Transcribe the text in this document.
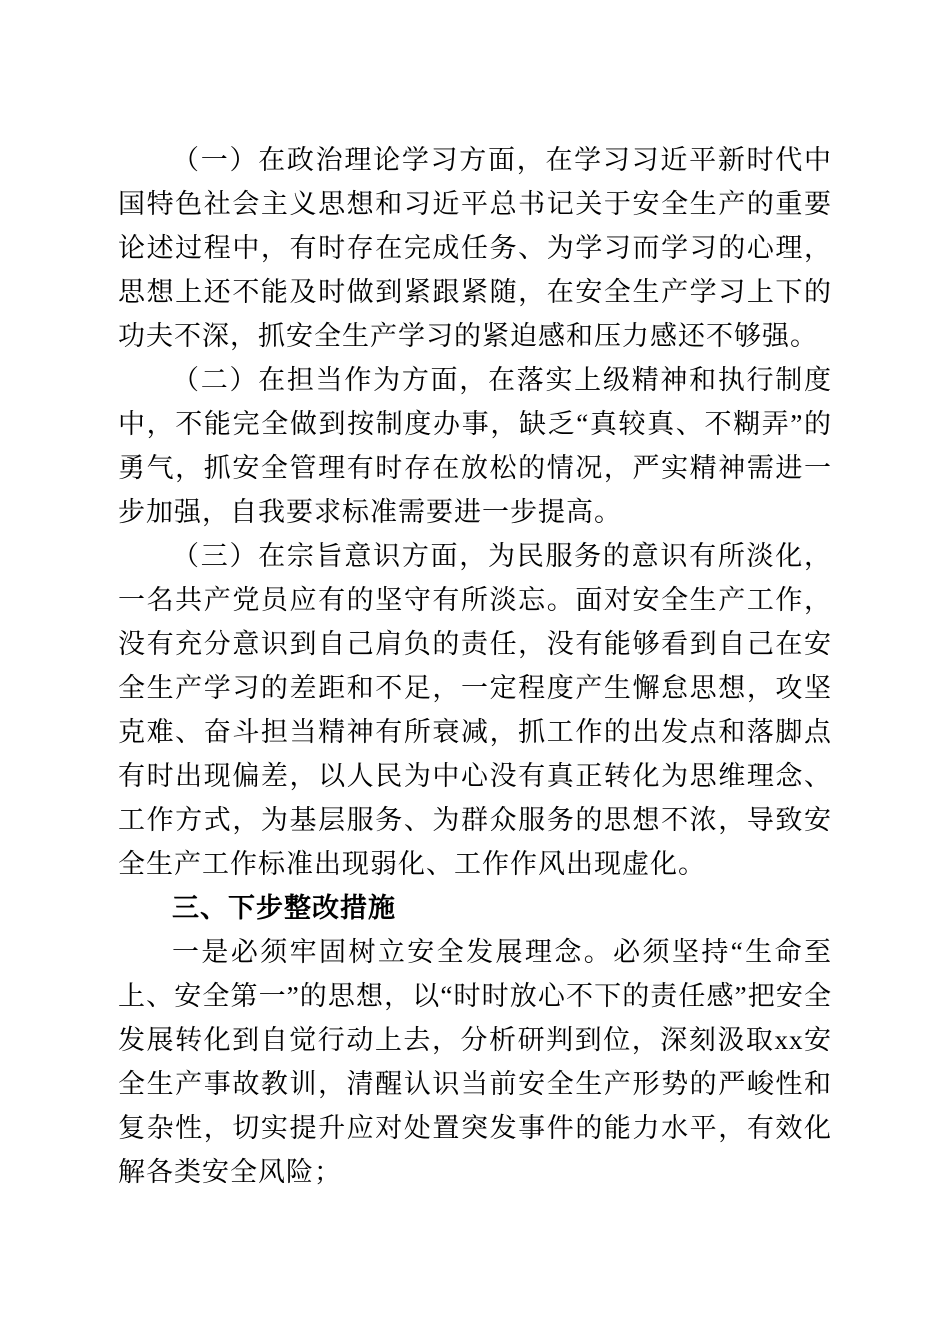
（一）在政治理论学习方面，在学习习近平新时代中国特色社会主义思想和习近平总书记关于安全生产的重要论述过程中，有时存在完成任务、为学习而学习的心理，思想上还不能及时做到紧跟紧随，在安全生产学习上下的功夫不深，抓安全生产学习的紧迫感和压力感还不够强。

（二）在担当作为方面，在落实上级精神和执行制度中，不能完全做到按制度办事，缺乏“真较真、不糊弄”的勇气，抓安全管理有时存在放松的情况，严实精神需进一步加强，自我要求标准需要进一步提高。

（三）在宗旨意识方面，为民服务的意识有所淡化，一名共产党员应有的坚守有所淡忘。面对安全生产工作，没有充分意识到自己肩负的责任，没有能够看到自己在安全生产学习的差距和不足，一定程度产生懈怠思想，攻坚克难、奋斗担当精神有所衰减，抓工作的出发点和落脚点有时出现偏差，以人民为中心没有真正转化为思维理念、工作方式，为基层服务、为群众服务的思想不浓，导致安全生产工作标准出现弱化、工作作风出现虚化。

三、下步整改措施

一是必须牢固树立安全发展理念。必须坚持“生命至上、安全第一”的思想，以“时时放心不下的责任感”把安全发展转化到自觉行动上去，分析研判到位，深刻汲取xx安全生产事故教训，清醒认识当前安全生产形势的严峻性和复杂性，切实提升应对处置突发事件的能力水平，有效化解各类安全风险；
